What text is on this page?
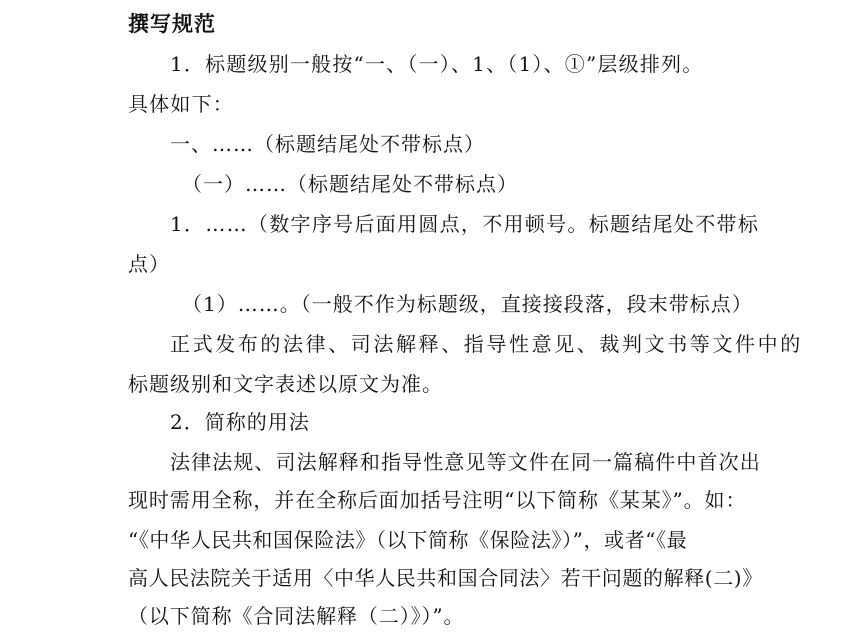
撰写规范
1．标题级别一般按“一、（一）、1、（1）、①”层级排列。
具体如下：
一、……（标题结尾处不带标点）
（一）……（标题结尾处不带标点）
1．……（数字序号后面用圆点，不用顿号。标题结尾处不带标
点）
（1）……。（一般不作为标题级，直接接段落，段末带标点）
正式发布的法律、司法解释、指导性意见、裁判文书等文件中的
标题级别和文字表述以原文为准。
2．简称的用法
法律法规、司法解释和指导性意见等文件在同一篇稿件中首次出
现时需用全称，并在全称后面加括号注明“以下简称《某某》”。如：
“《中华人民共和国保险法》（以下简称《保险法》）”，或者“《最
高人民法院关于适用〈中华人民共和国合同法〉若干问题的解释(二)》
（以下简称《合同法解释（二）》）”。
